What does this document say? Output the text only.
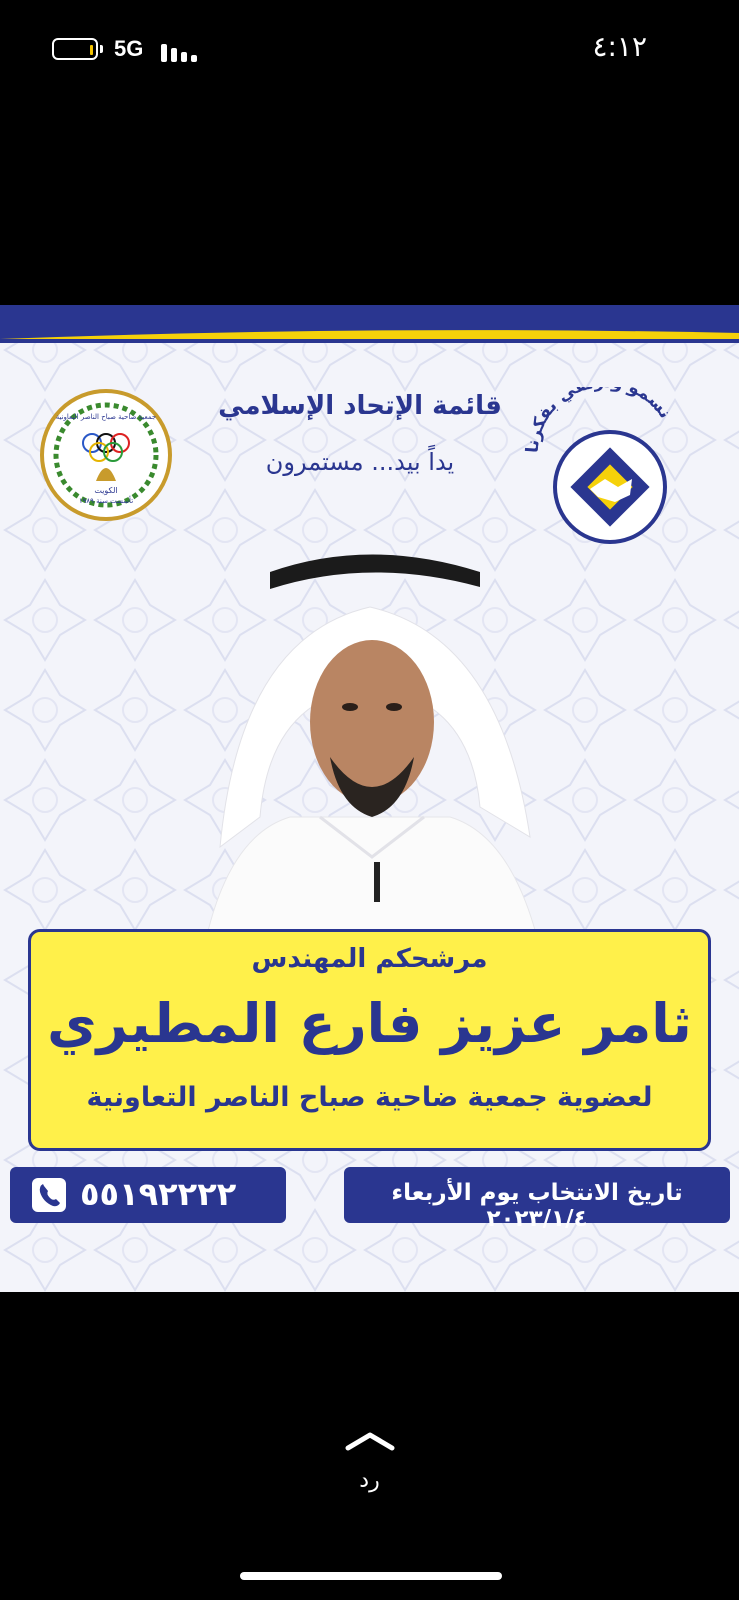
5G	٤:١٢
نسمو ي بفكرنا
جمعية ضاحية صباح الناصر التعاونية
الكويت
تأسست سنة ١٩٨٩
قائمة الإتحاد الإسلامي
يداً بيد... مستمرون
مرشحكم المهندس
ثامر عزيز فارع المطيري
لعضوية جمعية ضاحية صباح الناصر التعاونية
٥٥١٩٢٢٢٢	تاريخ الانتخاب يوم الأربعاء ٢٠٢٣/١/٤
رد
